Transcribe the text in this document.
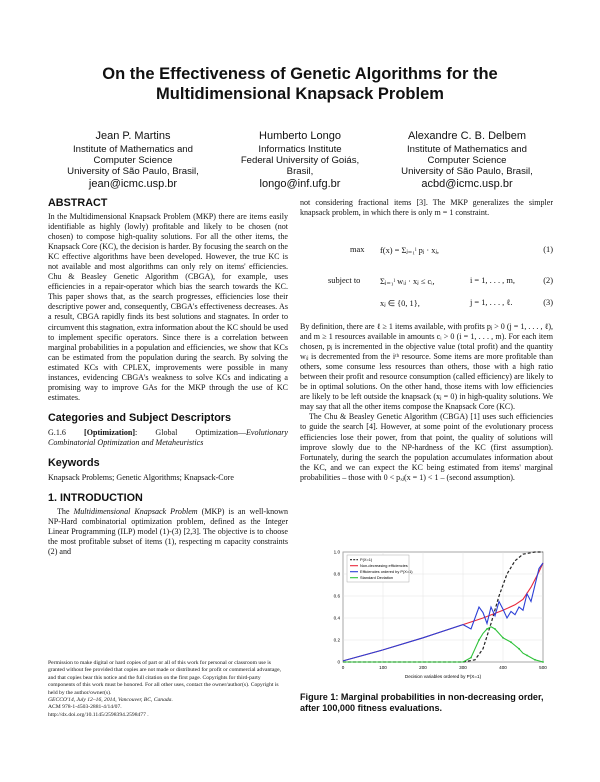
On the Effectiveness of Genetic Algorithms for the
Multidimensional Knapsack Problem
Jean P. Martins
Institute of Mathematics and
Computer Science
University of São Paulo, Brasil,
jean@icmc.usp.br
Humberto Longo
Informatics Institute
Federal University of Goiás,
Brasil,
longo@inf.ufg.br
Alexandre C. B. Delbem
Institute of Mathematics and
Computer Science
University of São Paulo, Brasil,
acbd@icmc.usp.br
ABSTRACT

In the Multidimensional Knapsack Problem (MKP) there are items easily identifiable as highly (lowly) profitable and likely to be chosen (not chosen) to compose high-quality solutions. For all the other items, the Knapsack Core (KC), the decision is harder. By focusing the search on the KC effective algorithms have been developed. However, the true KC is not available and most algorithms can only rely on items' efficiencies. Chu & Beasley Genetic Algorithm (CBGA), for example, uses efficiencies in a repair-operator which bias the search towards the KC. This paper shows that, as the search progresses, efficiencies lose their descriptive power and, consequently, CBGA's effectiveness decreases. As a result, CBGA rapidly finds its best solutions and stagnates. In order to circumvent this stagnation, extra information about the KC should be used to implement specific operators. Since there is a correlation between marginal probabilities in a population and efficiencies, we show that KCs can be estimated from the population during the search. By solving the estimated KCs with CPLEX, improvements were possible in many instances, evidencing CBGA's weakness to solve KCs and indicating a promising way to improve GAs for the MKP through the use of KC estimates.

Categories and Subject Descriptors

G.1.6 [Optimization]: Global Optimization—Evolutionary Combinatorial Optimization and Metaheuristics

Keywords

Knapsack Problems; Genetic Algorithms; Knapsack-Core

1. INTRODUCTION

The Multidimensional Knapsack Problem (MKP) is an well-known NP-Hard combinatorial optimization problem, defined as the Integer Linear Programming (ILP) model (1)-(3) [2,3]. The objective is to choose the most profitable subset of items (1), respecting m capacity constraints (2) and

Permission to make digital or hard copies of part or all of this work for personal or classroom use is granted without fee provided that copies are not made or distributed for profit or commercial advantage, and that copies bear this notice and the full citation on the first page. Copyrights for third-party components of this work must be honored. For all other uses, contact the owner/author(s). Copyright is held by the author/owner(s).
GECCO'14, July 12–16, 2014, Vancouver, BC, Canada.
ACM 978-1-4503-2881-4/14/07.
http://dx.doi.org/10.1145/2598394.2598477 .
not considering fractional items [3]. The MKP generalizes the simpler knapsack problem, in which there is only m = 1 constraint.
max f(x) = Σⱼ₌₁ˡ pⱼ · xⱼ,	(1)
subject to Σⱼ₌₁ˡ wᵢⱼ · xⱼ ≤ cᵢ,	i = 1, . . . , m,	(2)
xⱼ ∈ {0, 1},	j = 1, . . . , ℓ.	(3)

By definition, there are ℓ ≥ 1 items available, with profits pⱼ > 0 (j = 1, . . . , ℓ), and m ≥ 1 resources available in amounts cᵢ > 0 (i = 1, . . . , m). For each item chosen, pⱼ is incremented in the objective value (total profit) and the quantity wᵢⱼ is decremented from the iᵗʰ resource. Some items are more profitable than others, some consume less resources than others, those with a high ratio between their profit and resource consumption (called efficiency) are likely to be in optimal solutions. On the other hand, those items with low efficiencies are likely to be left outside the knapsack (xⱼ = 0) in high-quality solutions. We may say that all the other items compose the Knapsack Core (KC).

The Chu & Beasley Genetic Algorithm (CBGA) [1] uses such efficiencies to guide the search [4]. However, at some point of the evolutionary process efficiencies lose their power, from that point, the quality of solutions will improve slowly due to the NP-hardness of the KC (first assumption). Fortunately, during the search the population accumulates information about the KC, and we can expect the KC being estimated from items' marginal probabilities – those with 0 < pₓⱼ(x = 1) < 1 – (second assumption).

0
0.2
0.4
0.6
0.8
1.0
0	100	200	300	400	500
P(X=1)
Non-decreasing efficiencies
Efficiencies ordered by P(X=1)
Standard Deviation
Decision variables ordered by P(X=1)
Figure 1: Marginal probabilities in non-decreasing order, after 100,000 fitness evaluations.
